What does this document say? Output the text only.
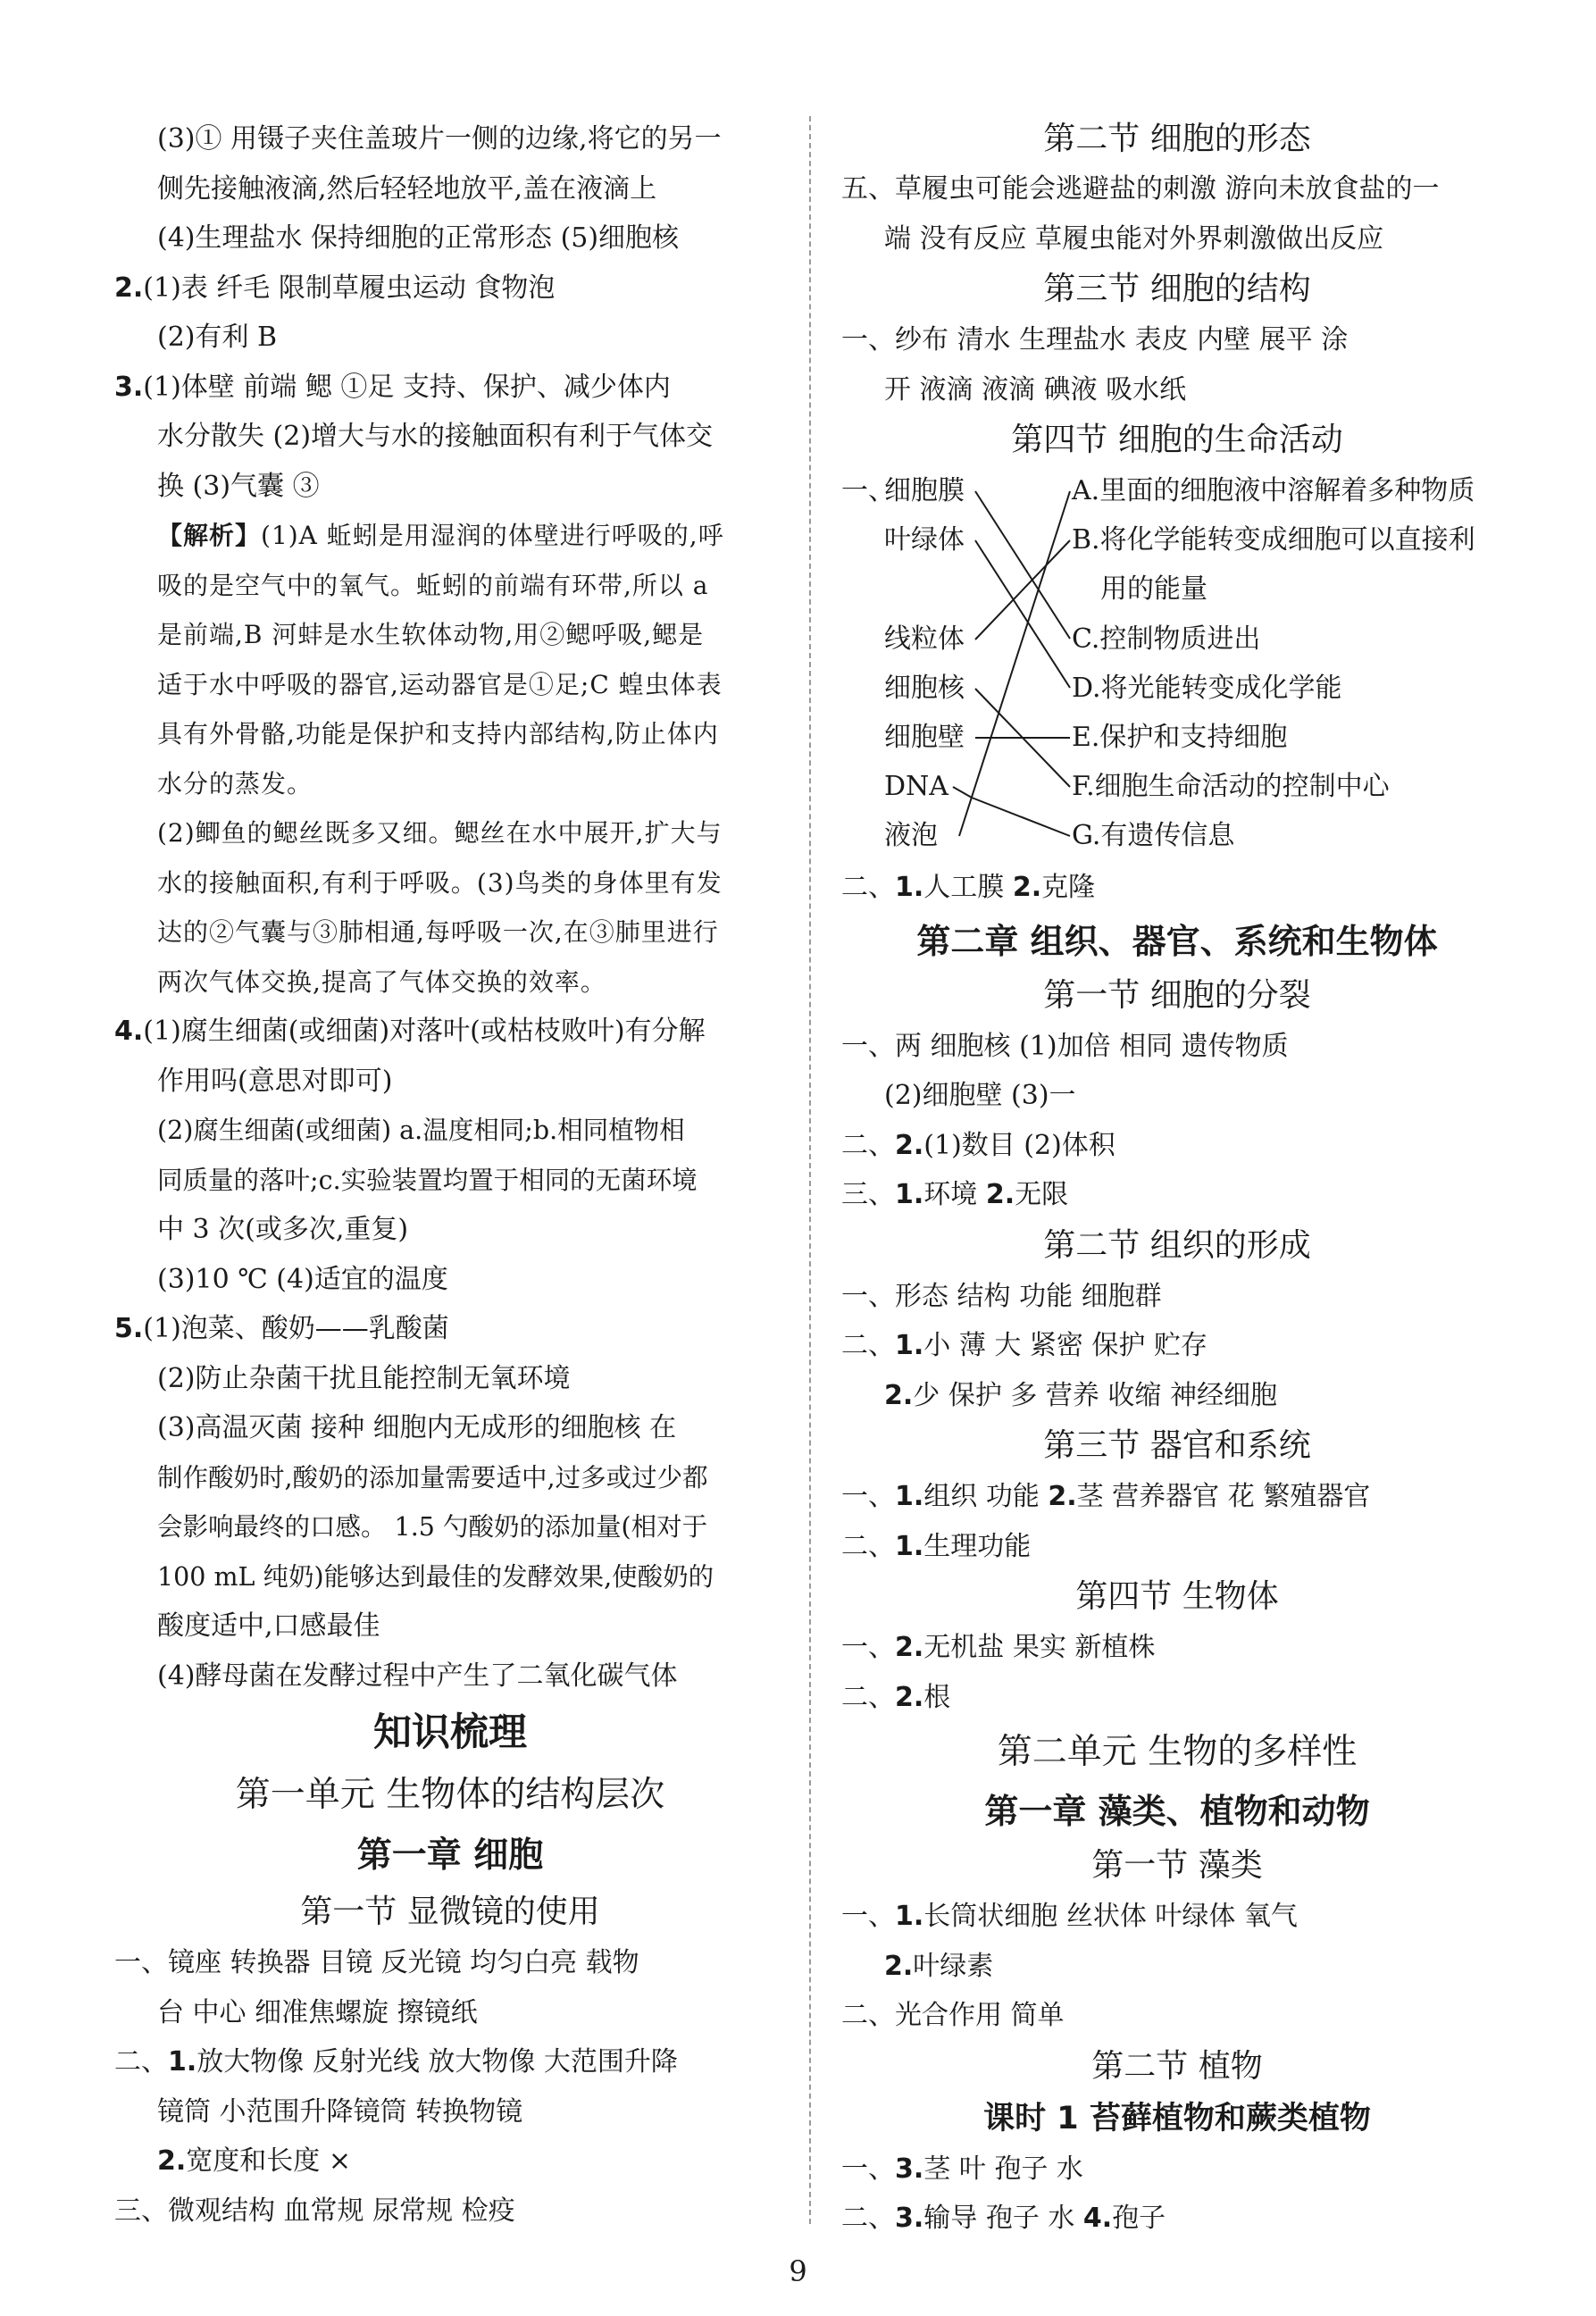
(3)① 用镊子夹住盖玻片一侧的边缘,将它的另一
侧先接触液滴,然后轻轻地放平,盖在液滴上
(4)生理盐水 保持细胞的正常形态 (5)细胞核
2.(1)表 纤毛 限制草履虫运动 食物泡
(2)有利 B
3.(1)体壁 前端 鳃 ①足 支持、保护、减少体内
水分散失 (2)增大与水的接触面积有利于气体交
换 (3)气囊 ③
【解析】(1)A 蚯蚓是用湿润的体壁进行呼吸的,呼
吸的是空气中的氧气。蚯蚓的前端有环带,所以 a
是前端,B 河蚌是水生软体动物,用②鳃呼吸,鳃是
适于水中呼吸的器官,运动器官是①足;C 蝗虫体表
具有外骨骼,功能是保护和支持内部结构,防止体内
水分的蒸发。
(2)鲫鱼的鳃丝既多又细。鳃丝在水中展开,扩大与
水的接触面积,有利于呼吸。(3)鸟类的身体里有发
达的②气囊与③肺相通,每呼吸一次,在③肺里进行
两次气体交换,提高了气体交换的效率。
4.(1)腐生细菌(或细菌)对落叶(或枯枝败叶)有分解
作用吗(意思对即可)
(2)腐生细菌(或细菌) a.温度相同;b.相同植物相
同质量的落叶;c.实验装置均置于相同的无菌环境
中 3 次(或多次,重复)
(3)10 ℃ (4)适宜的温度
5.(1)泡菜、酸奶——乳酸菌
(2)防止杂菌干扰且能控制无氧环境
(3)高温灭菌 接种 细胞内无成形的细胞核 在
制作酸奶时,酸奶的添加量需要适中,过多或过少都
会影响最终的口感。 1.5 勺酸奶的添加量(相对于
100 mL 纯奶)能够达到最佳的发酵效果,使酸奶的
酸度适中,口感最佳
(4)酵母菌在发酵过程中产生了二氧化碳气体
知识梳理
第一单元 生物体的结构层次
第一章 细胞
第一节 显微镜的使用
一、镜座 转换器 目镜 反光镜 均匀白亮 载物
台 中心 细准焦螺旋 擦镜纸
二、1.放大物像 反射光线 放大物像 大范围升降
镜筒 小范围升降镜筒 转换物镜
2.宽度和长度 ×
三、微观结构 血常规 尿常规 检疫
第二节 细胞的形态
五、草履虫可能会逃避盐的刺激 游向未放食盐的一
端 没有反应 草履虫能对外界刺激做出反应
第三节 细胞的结构
一、纱布 清水 生理盐水 表皮 内壁 展平 涂
开 液滴 液滴 碘液 吸水纸
第四节 细胞的生命活动
一、
细胞膜
叶绿体
线粒体
细胞核
细胞壁
DNA
液泡
A.里面的细胞液中溶解着多种物质
B.将化学能转变成细胞可以直接利
用的能量
C.控制物质进出
D.将光能转变成化学能
E.保护和支持细胞
F.细胞生命活动的控制中心
G.有遗传信息
二、1.人工膜 2.克隆
第二章 组织、器官、系统和生物体
第一节 细胞的分裂
一、两 细胞核 (1)加倍 相同 遗传物质
(2)细胞壁 (3)一
二、2.(1)数目 (2)体积
三、1.环境 2.无限
第二节 组织的形成
一、形态 结构 功能 细胞群
二、1.小 薄 大 紧密 保护 贮存
2.少 保护 多 营养 收缩 神经细胞
第三节 器官和系统
一、1.组织 功能 2.茎 营养器官 花 繁殖器官
二、1.生理功能
第四节 生物体
一、2.无机盐 果实 新植株
二、2.根
第二单元 生物的多样性
第一章 藻类、植物和动物
第一节 藻类
一、1.长筒状细胞 丝状体 叶绿体 氧气
2.叶绿素
二、光合作用 简单
第二节 植物
课时 1 苔藓植物和蕨类植物
一、3.茎 叶 孢子 水
二、3.输导 孢子 水 4.孢子
9
